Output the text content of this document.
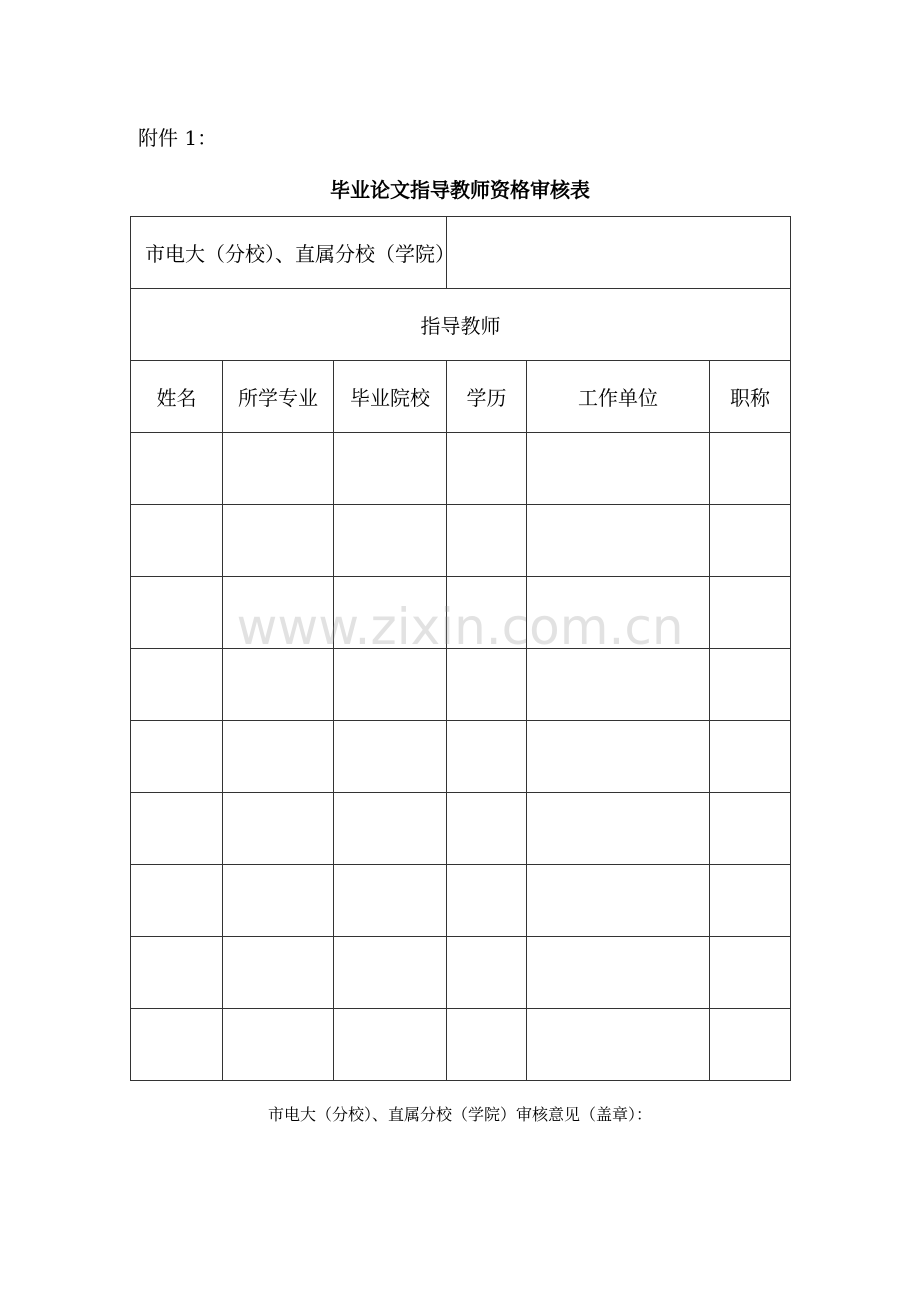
附件 1：
毕业论文指导教师资格审核表
市电大（分校）、直属分校（学院）					
指导教师					
姓名	所学专业	毕业院校	学历	工作单位	职称

www.zixin.com.cn
市电大（分校）、直属分校（学院）审核意见（盖章）：
